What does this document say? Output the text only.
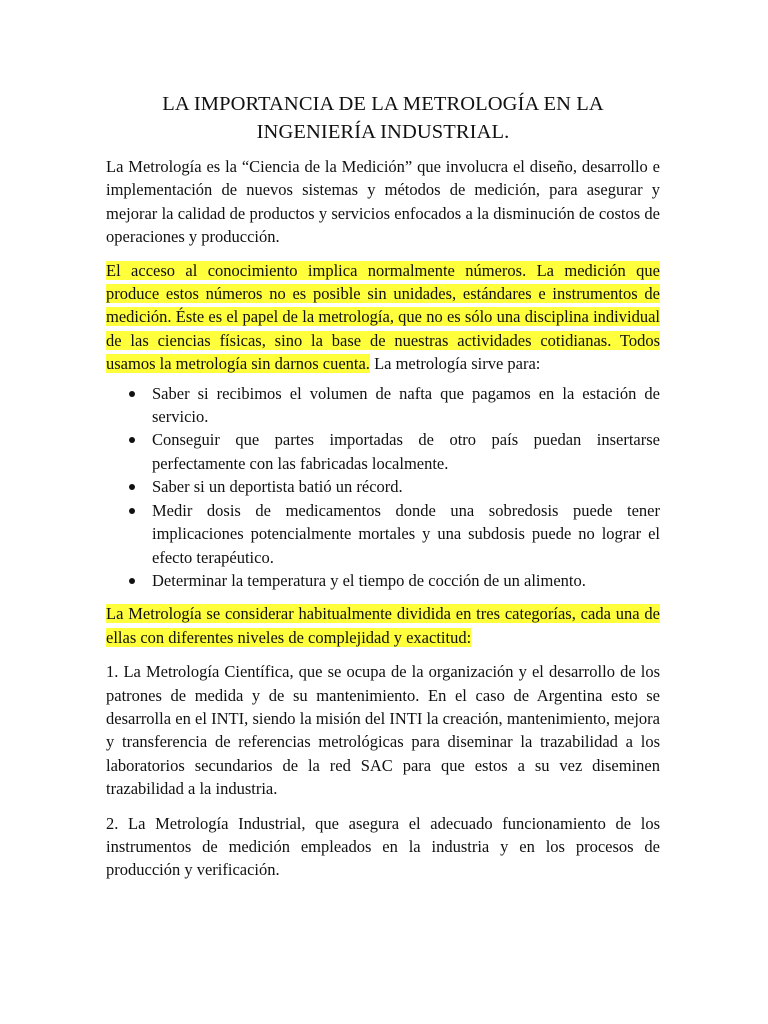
LA IMPORTANCIA DE LA METROLOGÍA EN LA
INGENIERÍA INDUSTRIAL.

La Metrología es la “Ciencia de la Medición” que involucra el diseño, desarrollo e implementación de nuevos sistemas y métodos de medición, para asegurar y mejorar la calidad de productos y servicios enfocados a la disminución de costos de operaciones y producción.

El acceso al conocimiento implica normalmente números. La medición que produce estos números no es posible sin unidades, estándares e instrumentos de medición. Éste es el papel de la metrología, que no es sólo una disciplina individual de las ciencias físicas, sino la base de nuestras actividades cotidianas. Todos usamos la metrología sin darnos cuenta. La metrología sirve para:

Saber si recibimos el volumen de nafta que pagamos en la estación de servicio.
Conseguir que partes importadas de otro país puedan insertarse perfectamente con las fabricadas localmente.
Saber si un deportista batió un récord.
Medir dosis de medicamentos donde una sobredosis puede tener implicaciones potencialmente mortales y una subdosis puede no lograr el efecto terapéutico.
Determinar la temperatura y el tiempo de cocción de un alimento.

La Metrología se considerar habitualmente dividida en tres categorías, cada una de ellas con diferentes niveles de complejidad y exactitud:

1. La Metrología Científica, que se ocupa de la organización y el desarrollo de los patrones de medida y de su mantenimiento. En el caso de Argentina esto se desarrolla en el INTI, siendo la misión del INTI la creación, mantenimiento, mejora y transferencia de referencias metrológicas para diseminar la trazabilidad a los laboratorios secundarios de la red SAC para que estos a su vez diseminen trazabilidad a la industria.

2. La Metrología Industrial, que asegura el adecuado funcionamiento de los instrumentos de medición empleados en la industria y en los procesos de producción y verificación.
